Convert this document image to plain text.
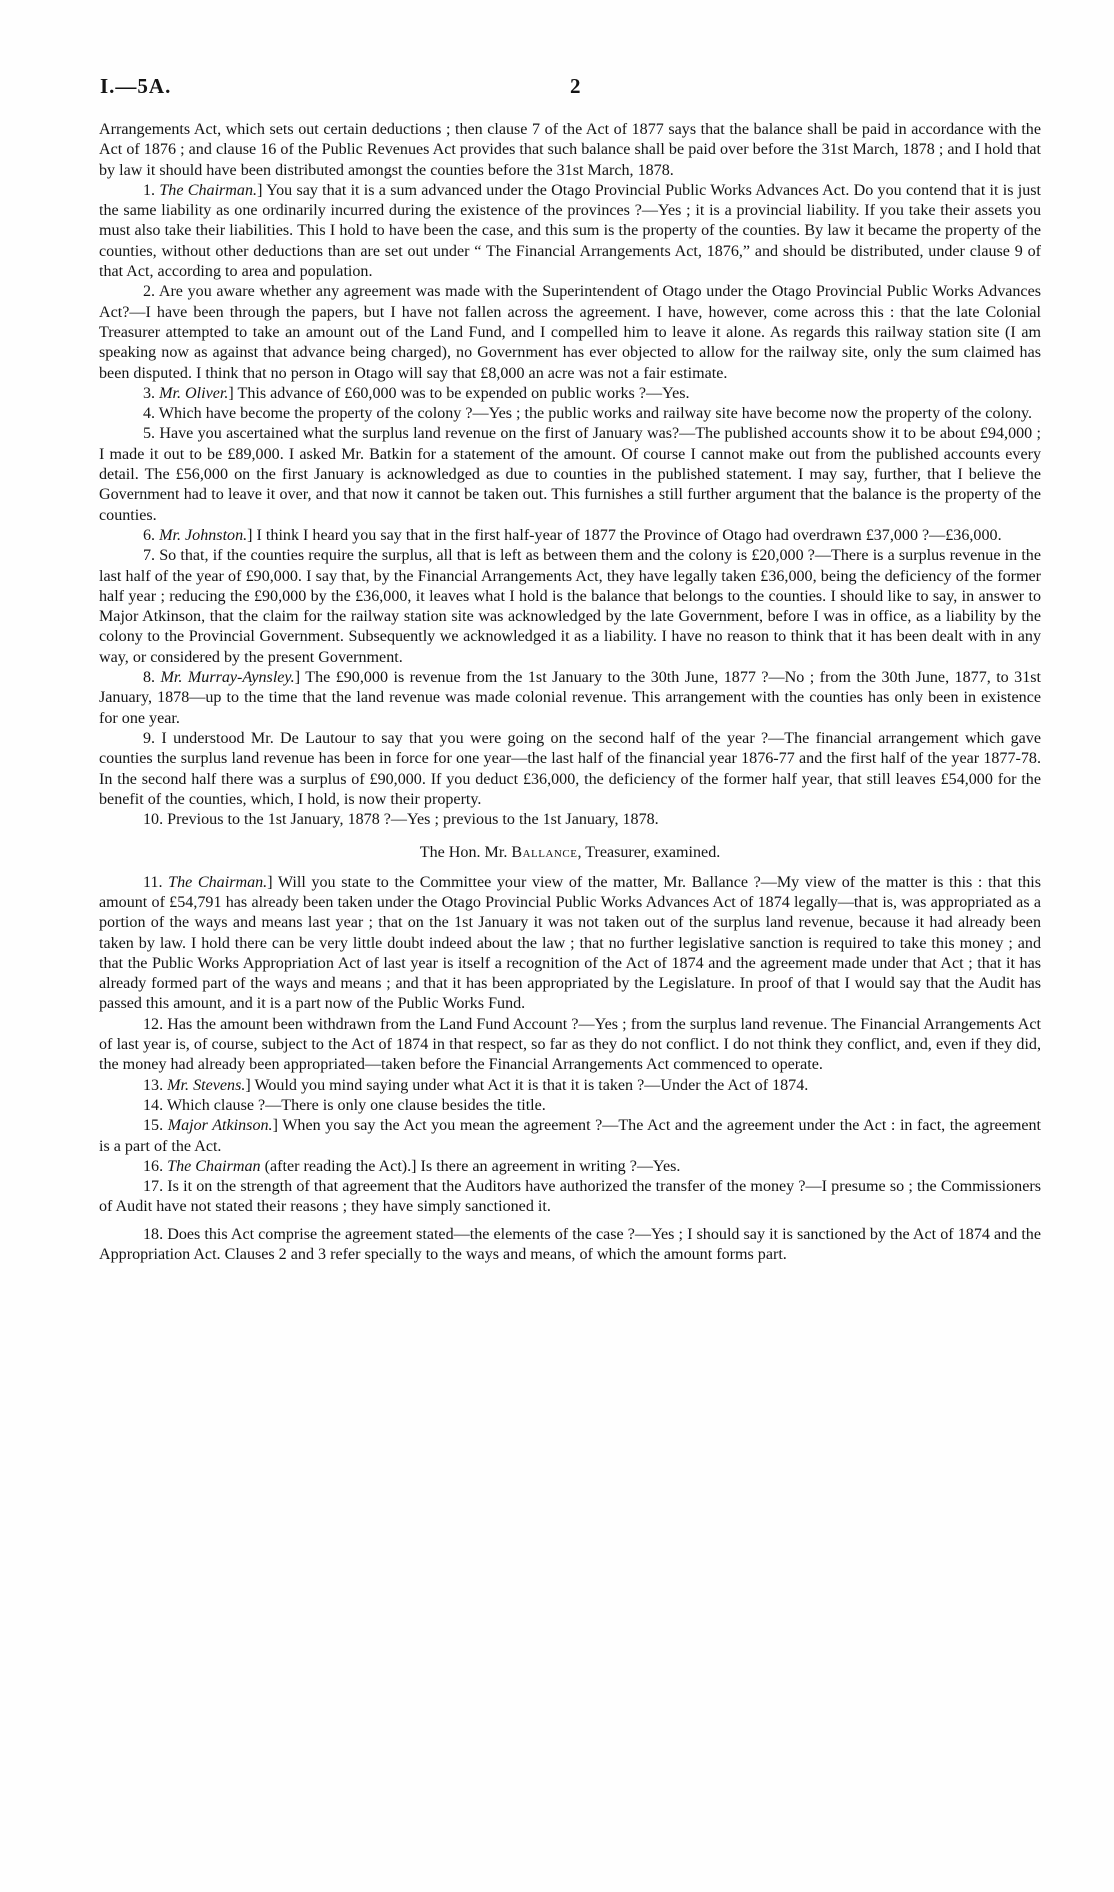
I.—5A.	2

Arrangements Act, which sets out certain deductions ; then clause 7 of the Act of 1877 says that the balance shall be paid in accordance with the Act of 1876 ; and clause 16 of the Public Revenues Act provides that such balance shall be paid over before the 31st March, 1878 ; and I hold that by law it should have been distributed amongst the counties before the 31st March, 1878.

1. The Chairman.] You say that it is a sum advanced under the Otago Provincial Public Works Advances Act. Do you contend that it is just the same liability as one ordinarily incurred during the existence of the provinces ?—Yes ; it is a provincial liability. If you take their assets you must also take their liabilities. This I hold to have been the case, and this sum is the property of the counties. By law it became the property of the counties, without other deductions than are set out under “ The Financial Arrangements Act, 1876,” and should be distributed, under clause 9 of that Act, according to area and population.

2. Are you aware whether any agreement was made with the Superintendent of Otago under the Otago Provincial Public Works Advances Act?—I have been through the papers, but I have not fallen across the agreement. I have, however, come across this : that the late Colonial Treasurer attempted to take an amount out of the Land Fund, and I compelled him to leave it alone. As regards this railway station site (I am speaking now as against that advance being charged), no Government has ever objected to allow for the railway site, only the sum claimed has been disputed. I think that no person in Otago will say that £8,000 an acre was not a fair estimate.

3. Mr. Oliver.] This advance of £60,000 was to be expended on public works ?—Yes.

4. Which have become the property of the colony ?—Yes ; the public works and railway site have become now the property of the colony.

5. Have you ascertained what the surplus land revenue on the first of January was?—The published accounts show it to be about £94,000 ; I made it out to be £89,000. I asked Mr. Batkin for a statement of the amount. Of course I cannot make out from the published accounts every detail. The £56,000 on the first January is acknowledged as due to counties in the published statement. I may say, further, that I believe the Government had to leave it over, and that now it cannot be taken out. This furnishes a still further argument that the balance is the property of the counties.

6. Mr. Johnston.] I think I heard you say that in the first half-year of 1877 the Province of Otago had overdrawn £37,000 ?—£36,000.

7. So that, if the counties require the surplus, all that is left as between them and the colony is £20,000 ?—There is a surplus revenue in the last half of the year of £90,000. I say that, by the Financial Arrangements Act, they have legally taken £36,000, being the deficiency of the former half year ; reducing the £90,000 by the £36,000, it leaves what I hold is the balance that belongs to the counties. I should like to say, in answer to Major Atkinson, that the claim for the railway station site was acknowledged by the late Government, before I was in office, as a liability by the colony to the Provincial Government. Subsequently we acknowledged it as a liability. I have no reason to think that it has been dealt with in any way, or considered by the present Government.

8. Mr. Murray-Aynsley.] The £90,000 is revenue from the 1st January to the 30th June, 1877 ?—No ; from the 30th June, 1877, to 31st January, 1878—up to the time that the land revenue was made colonial revenue. This arrangement with the counties has only been in existence for one year.

9. I understood Mr. De Lautour to say that you were going on the second half of the year ?—The financial arrangement which gave counties the surplus land revenue has been in force for one year—the last half of the financial year 1876-77 and the first half of the year 1877-78. In the second half there was a surplus of £90,000. If you deduct £36,000, the deficiency of the former half year, that still leaves £54,000 for the benefit of the counties, which, I hold, is now their property.

10. Previous to the 1st January, 1878 ?—Yes ; previous to the 1st January, 1878.

The Hon. Mr. Ballance, Treasurer, examined.

11. The Chairman.] Will you state to the Committee your view of the matter, Mr. Ballance ?—My view of the matter is this : that this amount of £54,791 has already been taken under the Otago Provincial Public Works Advances Act of 1874 legally—that is, was appropriated as a portion of the ways and means last year ; that on the 1st January it was not taken out of the surplus land revenue, because it had already been taken by law. I hold there can be very little doubt indeed about the law ; that no further legislative sanction is required to take this money ; and that the Public Works Appropriation Act of last year is itself a recognition of the Act of 1874 and the agreement made under that Act ; that it has already formed part of the ways and means ; and that it has been appropriated by the Legislature. In proof of that I would say that the Audit has passed this amount, and it is a part now of the Public Works Fund.

12. Has the amount been withdrawn from the Land Fund Account ?—Yes ; from the surplus land revenue. The Financial Arrangements Act of last year is, of course, subject to the Act of 1874 in that respect, so far as they do not conflict. I do not think they conflict, and, even if they did, the money had already been appropriated—taken before the Financial Arrangements Act commenced to operate.

13. Mr. Stevens.] Would you mind saying under what Act it is that it is taken ?—Under the Act of 1874.

14. Which clause ?—There is only one clause besides the title.

15. Major Atkinson.] When you say the Act you mean the agreement ?—The Act and the agreement under the Act : in fact, the agreement is a part of the Act.

16. The Chairman (after reading the Act).] Is there an agreement in writing ?—Yes.

17. Is it on the strength of that agreement that the Auditors have authorized the transfer of the money ?—I presume so ; the Commissioners of Audit have not stated their reasons ; they have simply sanctioned it.

18. Does this Act comprise the agreement stated—the elements of the case ?—Yes ; I should say it is sanctioned by the Act of 1874 and the Appropriation Act. Clauses 2 and 3 refer specially to the ways and means, of which the amount forms part.
